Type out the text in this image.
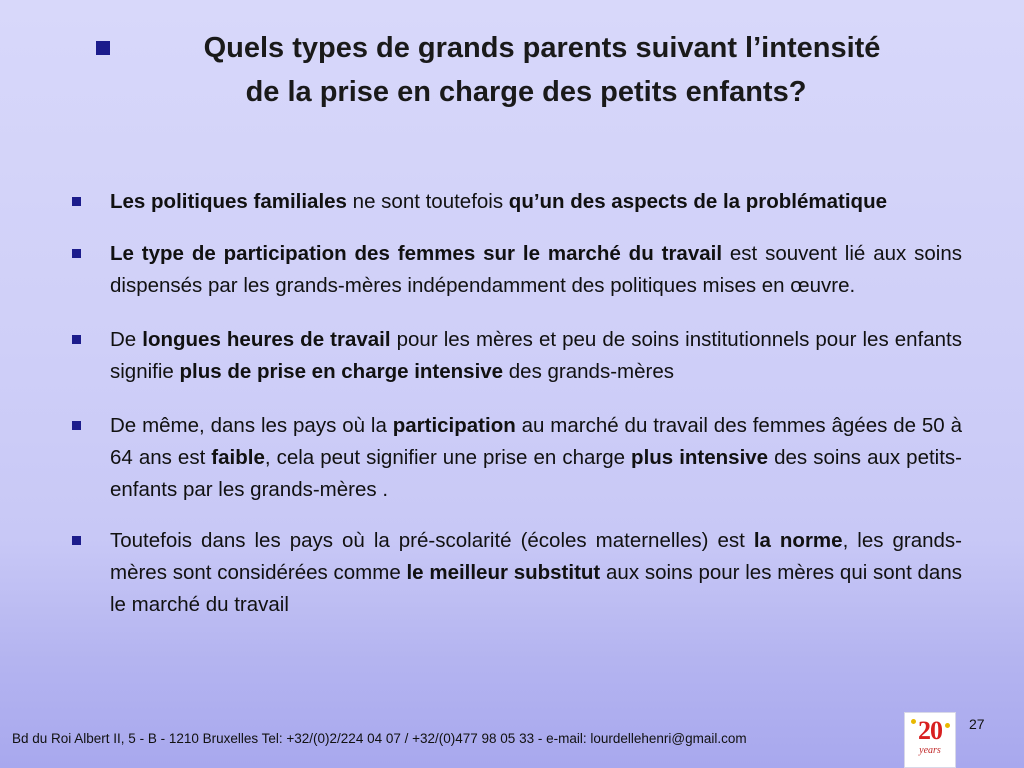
Quels types de grands parents suivant l’intensité
de la prise en charge des petits enfants?
Les politiques familiales ne sont toutefois qu’un des aspects de la problématique
Le type de participation des femmes sur le marché du travail est souvent lié aux soins dispensés par les grands-mères indépendamment des politiques mises en œuvre.
De longues heures de travail pour les mères et peu de soins institutionnels pour les enfants signifie plus de prise en charge intensive des grands-mères
De même, dans les pays où la participation au marché du travail des femmes âgées de 50 à 64 ans est faible, cela peut signifier une prise en charge plus intensive des soins aux petits-enfants par les grands-mères .
Toutefois dans les pays où la pré-scolarité (écoles maternelles) est la norme, les grands-mères sont considérées comme le meilleur substitut aux soins pour les mères qui sont dans le marché du travail
Bd du Roi Albert II, 5 - B - 1210 Bruxelles Tel: +32/(0)2/224 04 07 / +32/(0)477 98 05 33 - e-mail: lourdellehenri@gmail.com	20
years
27
